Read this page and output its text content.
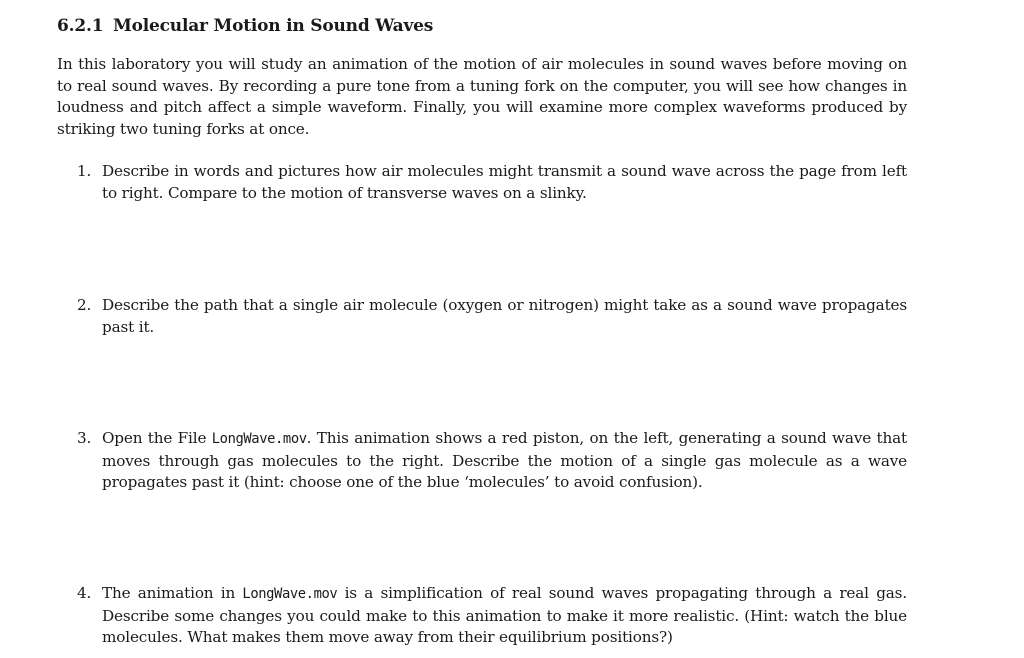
6.2.1 Molecular Motion in Sound Waves

In this laboratory you will study an animation of the motion of air molecules in sound waves before moving on to real sound waves. By recording a pure tone from a tuning fork on the computer, you will see how changes in loudness and pitch affect a simple waveform. Finally, you will examine more complex waveforms produced by striking two tuning forks at once.

1. Describe in words and pictures how air molecules might transmit a sound wave across the page from left to right. Compare to the motion of transverse waves on a slinky.
2. Describe the path that a single air molecule (oxygen or nitrogen) might take as a sound wave propagates past it.
3. Open the File LongWave.mov. This animation shows a red piston, on the left, generating a sound wave that moves through gas molecules to the right. Describe the motion of a single gas molecule as a wave propagates past it (hint: choose one of the blue ‘molecules’ to avoid confusion).
4. The animation in LongWave.mov is a simplification of real sound waves propagating through a real gas. Describe some changes you could make to this animation to make it more realistic. (Hint: watch the blue molecules. What makes them move away from their equilibrium positions?)
